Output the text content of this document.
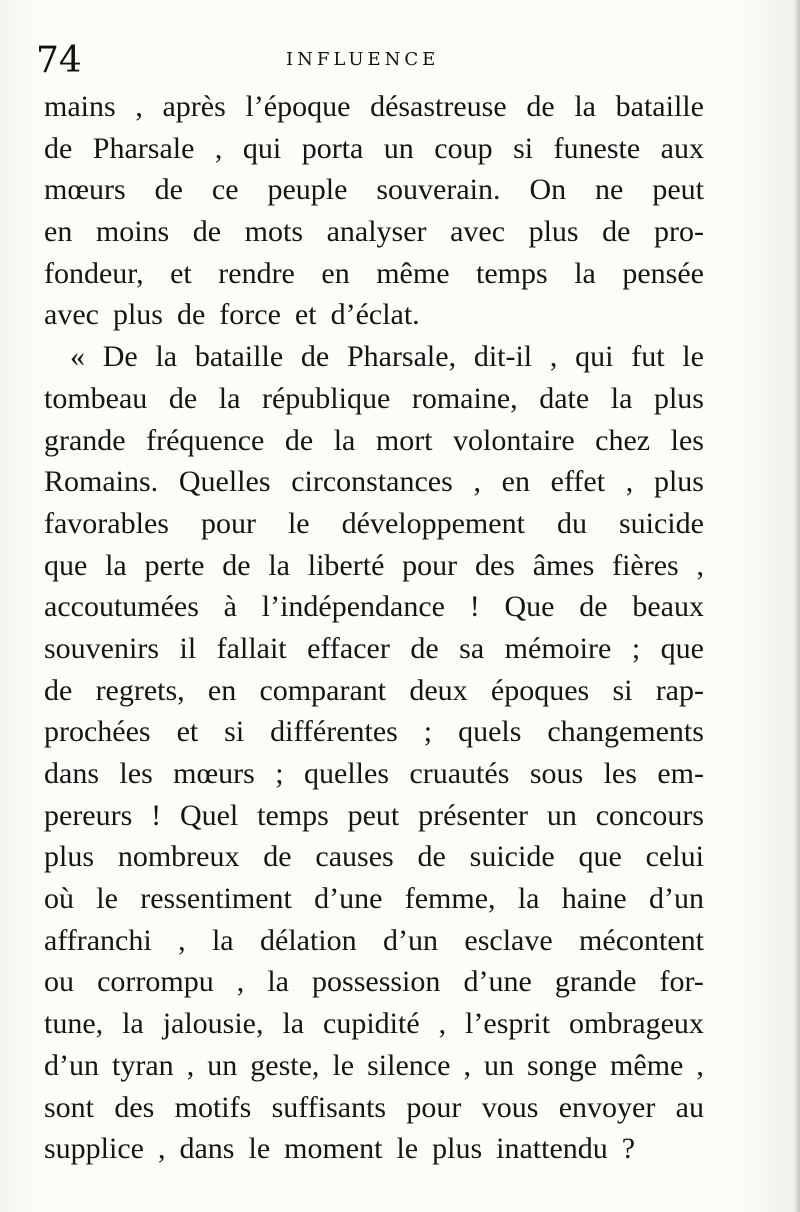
74	INFLUENCE
mains , après l’époque désastreuse de la bataille
de Pharsale , qui porta un coup si funeste aux
mœurs de ce peuple souverain. On ne peut
en moins de mots analyser avec plus de pro-
fondeur, et rendre en même temps la pensée
avec plus de force et d’éclat.
« De la bataille de Pharsale, dit-il , qui fut le
tombeau de la république romaine, date la plus
grande fréquence de la mort volontaire chez les
Romains. Quelles circonstances , en effet , plus
favorables pour le développement du suicide
que la perte de la liberté pour des âmes fières ,
accoutumées à l’indépendance ! Que de beaux
souvenirs il fallait effacer de sa mémoire ; que
de regrets, en comparant deux époques si rap-
prochées et si différentes ; quels changements
dans les mœurs ; quelles cruautés sous les em-
pereurs ! Quel temps peut présenter un concours
plus nombreux de causes de suicide que celui
où le ressentiment d’une femme, la haine d’un
affranchi , la délation d’un esclave mécontent
ou corrompu , la possession d’une grande for-
tune, la jalousie, la cupidité , l’esprit ombrageux
d’un tyran , un geste, le silence , un songe même ,
sont des motifs suffisants pour vous envoyer au
supplice , dans le moment le plus inattendu ?
